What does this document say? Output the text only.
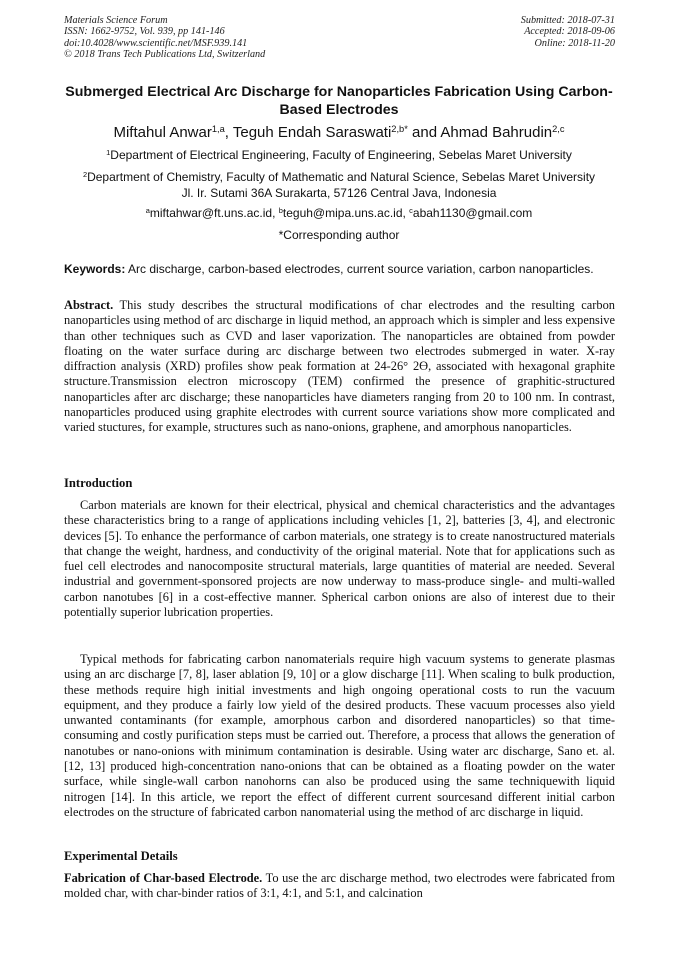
Materials Science Forum
ISSN: 1662-9752, Vol. 939, pp 141-146
doi:10.4028/www.scientific.net/MSF.939.141
© 2018 Trans Tech Publications Ltd, Switzerland
Submitted: 2018-07-31
Accepted: 2018-09-06
Online: 2018-11-20
Submerged Electrical Arc Discharge for Nanoparticles Fabrication Using Carbon-Based Electrodes
Miftahul Anwar$^{1,a}$, Teguh Endah Saraswati$^{2,b*}$ and Ahmad Bahrudin$^{2,c}$
$^1$Department of Electrical Engineering, Faculty of Engineering, Sebelas Maret University
$^2$Department of Chemistry, Faculty of Mathematic and Natural Science, Sebelas Maret University
Jl. Ir. Sutami 36A Surakarta, 57126 Central Java, Indonesia
$^a$miftahwar@ft.uns.ac.id, $^b$teguh@mipa.uns.ac.id, $^c$abah1130@gmail.com
*Corresponding author
Keywords: Arc discharge, carbon-based electrodes, current source variation, carbon nanoparticles.
Abstract. This study describes the structural modifications of char electrodes and the resulting carbon nanoparticles using method of arc discharge in liquid method, an approach which is simpler and less expensive than other techniques such as CVD and laser vaporization. The nanoparticles are obtained from powder floating on the water surface during arc discharge between two electrodes submerged in water. X-ray diffraction analysis (XRD) profiles show peak formation at 24-26° 2ϴ, associated with hexagonal graphite structure.Transmission electron microscopy (TEM) confirmed the presence of graphitic-structured nanoparticles after arc discharge; these nanoparticles have diameters ranging from 20 to 100 nm. In contrast, nanoparticles produced using graphite electrodes with current source variations show more complicated and varied stuctures, for example, structures such as nano-onions, graphene, and amorphous nanoparticles.
Introduction
Carbon materials are known for their electrical, physical and chemical characteristics and the advantages these characteristics bring to a range of applications including vehicles [1, 2], batteries [3, 4], and electronic devices [5]. To enhance the performance of carbon materials, one strategy is to create nanostructured materials that change the weight, hardness, and conductivity of the original material. Note that for applications such as fuel cell electrodes and nanocomposite structural materials, large quantities of material are needed. Several industrial and government-sponsored projects are now underway to mass-produce single- and multi-walled carbon nanotubes [6] in a cost-effective manner. Spherical carbon onions are also of interest due to their potentially superior lubrication properties.
Typical methods for fabricating carbon nanomaterials require high vacuum systems to generate plasmas using an arc discharge [7, 8], laser ablation [9, 10] or a glow discharge [11]. When scaling to bulk production, these methods require high initial investments and high ongoing operational costs to run the vacuum equipment, and they produce a fairly low yield of the desired products. These vacuum processes also yield unwanted contaminants (for example, amorphous carbon and disordered nanoparticles) so that time-consuming and costly purification steps must be carried out. Therefore, a process that allows the generation of nanotubes or nano-onions with minimum contamination is desirable. Using water arc discharge, Sano et. al. [12, 13] produced high-concentration nano-onions that can be obtained as a floating powder on the water surface, while single-wall carbon nanohorns can also be produced using the same techniquewith liquid nitrogen [14]. In this article, we report the effect of different current sourcesand different initial carbon electrodes on the structure of fabricated carbon nanomaterial using the method of arc discharge in liquid.
Experimental Details
Fabrication of Char-based Electrode. To use the arc discharge method, two electrodes were fabricated from molded char, with char-binder ratios of 3:1, 4:1, and 5:1, and calcination
